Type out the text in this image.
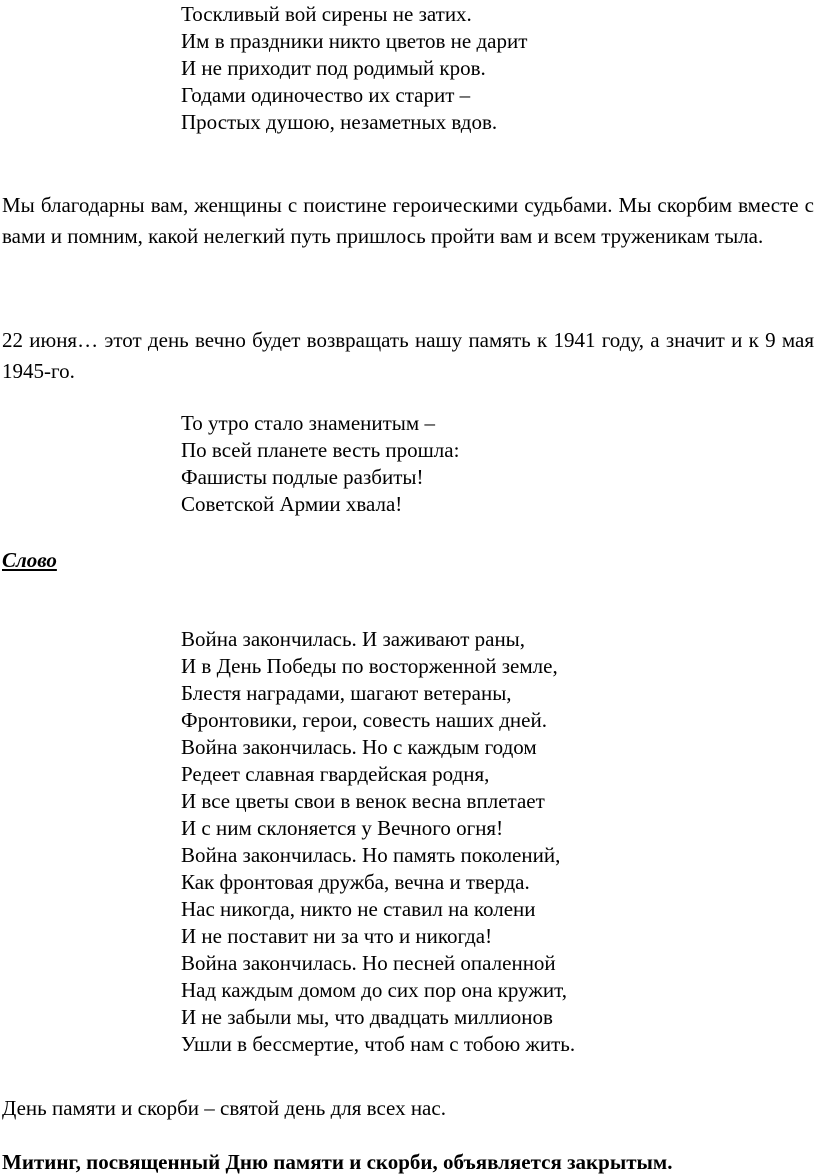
Тоскливый вой сирены не затих.
Им в праздники никто цветов не дарит
И не приходит под родимый кров.
Годами одиночество их старит –
Простых душою, незаметных вдов.

Мы благодарны вам, женщины с поистине героическими судьбами. Мы скорбим вместе с вами и помним, какой нелегкий путь пришлось пройти вам и всем труженикам тыла.

22 июня… этот день вечно будет возвращать нашу память к 1941 году, а значит и к 9 мая 1945-го.

То утро стало знаменитым –
По всей планете весть прошла:
Фашисты подлые разбиты!
Советской Армии хвала!

Слово

Война закончилась. И заживают раны,
И в День Победы по восторженной земле,
Блестя наградами, шагают ветераны,
Фронтовики, герои, совесть наших дней.
Война закончилась. Но с каждым годом
Редеет славная гвардейская родня,
И все цветы свои в венок весна вплетает
И с ним склоняется у Вечного огня!
Война закончилась. Но память поколений,
Как фронтовая дружба, вечна и тверда.
Нас никогда, никто не ставил на колени
И не поставит ни за что и никогда!
Война закончилась. Но песней опаленной
Над каждым домом до сих пор она кружит,
И не забыли мы, что двадцать миллионов
Ушли в бессмертие, чтоб нам с тобою жить.

День памяти и скорби – святой день для всех нас.

Митинг, посвященный Дню памяти и скорби, объявляется закрытым.
